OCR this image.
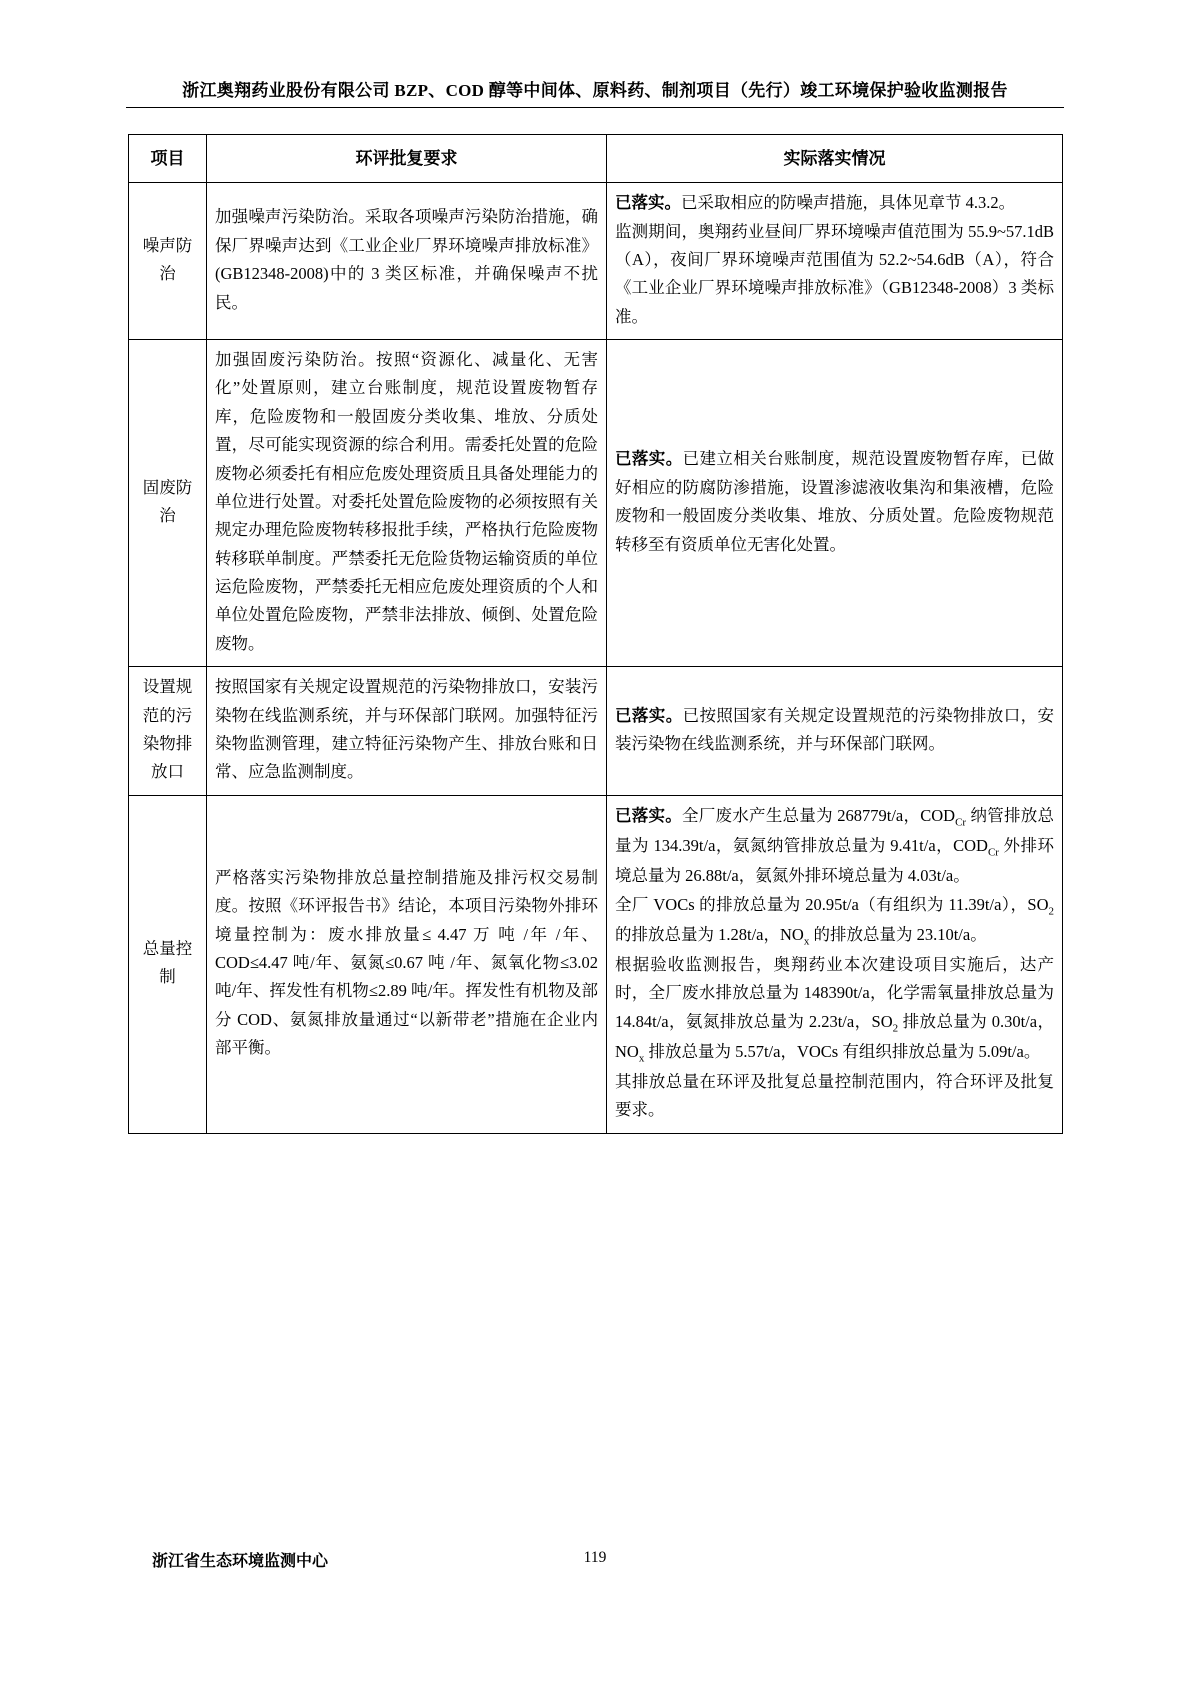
浙江奥翔药业股份有限公司 BZP、COD 醇等中间体、原料药、制剂项目（先行）竣工环境保护验收监测报告
项目	环评批复要求	实际落实情况
噪声防治	加强噪声污染防治。采取各项噪声污染防治措施，确保厂界噪声达到《工业企业厂界环境噪声排放标准》(GB12348-2008)中的 3 类区标准，并确保噪声不扰民。	已落实。已采取相应的防噪声措施，具体见章节 4.3.2。

监测期间，奥翔药业昼间厂界环境噪声值范围为 55.9~57.1dB（A），夜间厂界环境噪声范围值为 52.2~54.6dB（A），符合《工业企业厂界环境噪声排放标准》（GB12348-2008）3 类标准。

固废防治	加强固废污染防治。按照“资源化、减量化、无害化”处置原则，建立台账制度，规范设置废物暂存库，危险废物和一般固废分类收集、堆放、分质处置，尽可能实现资源的综合利用。需委托处置的危险废物必须委托有相应危废处理资质且具备处理能力的单位进行处置。对委托处置危险废物的必须按照有关规定办理危险废物转移报批手续，严格执行危险废物转移联单制度。严禁委托无危险货物运输资质的单位运危险废物，严禁委托无相应危废处理资质的个人和单位处置危险废物，严禁非法排放、倾倒、处置危险废物。	已落实。已建立相关台账制度，规范设置废物暂存库，已做好相应的防腐防渗措施，设置渗滤液收集沟和集液槽，危险废物和一般固废分类收集、堆放、分质处置。危险废物规范转移至有资质单位无害化处置。

设置规范的污染物排放口	按照国家有关规定设置规范的污染物排放口，安装污染物在线监测系统，并与环保部门联网。加强特征污染物监测管理，建立特征污染物产生、排放台账和日常、应急监测制度。	已落实。已按照国家有关规定设置规范的污染物排放口，安装污染物在线监测系统，并与环保部门联网。

总量控制	严格落实污染物排放总量控制措施及排污权交易制度。按照《环评报告书》结论，本项目污染物外排环境量控制为：废水排放量≤ 4.47 万 吨 /年 /年、COD≤4.47 吨/年、氨氮≤0.67 吨 /年、氮氧化物≤3.02 吨/年、挥发性有机物≤2.89 吨/年。挥发性有机物及部分 COD、氨氮排放量通过“以新带老”措施在企业内部平衡。	已落实。全厂废水产生总量为 268779t/a，$COD_{Cr}$ 纳管排放总量为 134.39t/a，氨氮纳管排放总量为 9.41t/a，$COD_{Cr}$ 外排环境总量为 26.88t/a，氨氮外排环境总量为 4.03t/a。

全厂 VOCs 的排放总量为 20.95t/a（有组织为 11.39t/a），$SO_2$ 的排放总量为 1.28t/a，$NO_x$ 的排放总量为 23.10t/a。

根据验收监测报告，奥翔药业本次建设项目实施后，达产时，全厂废水排放总量为 148390t/a，化学需氧量排放总量为 14.84t/a，氨氮排放总量为 2.23t/a，$SO_2$ 排放总量为 0.30t/a，$NO_x$ 排放总量为 5.57t/a，VOCs 有组织排放总量为 5.09t/a。

其排放总量在环评及批复总量控制范围内，符合环评及批复要求。

浙江省生态环境监测中心	119
